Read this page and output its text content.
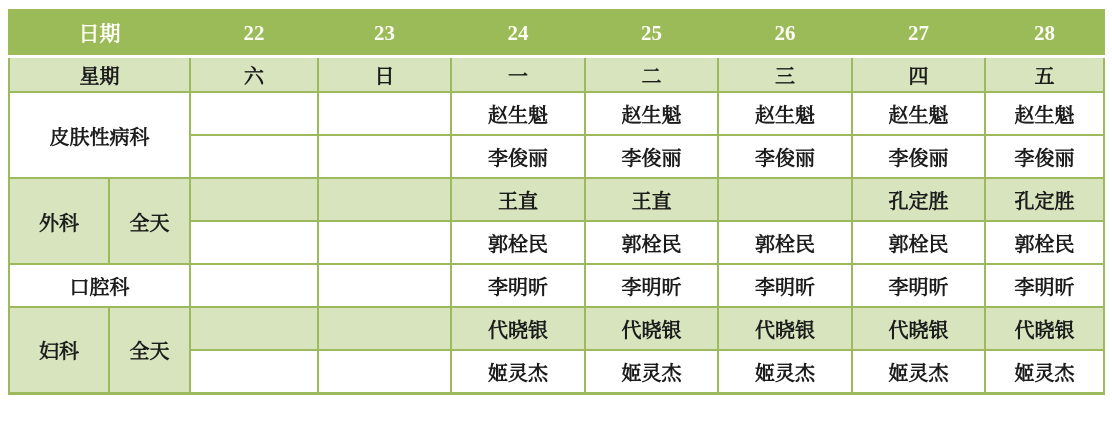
日期		22	23	24	25	26	27	28
星期		六	日	一	二	三	四	五
皮肤性病科				赵生魁	赵生魁	赵生魁	赵生魁	赵生魁
				李俊丽	李俊丽	李俊丽	李俊丽	李俊丽
外科	全天			王直	王直		孔定胜	孔定胜
				郭栓民	郭栓民	郭栓民	郭栓民	郭栓民
口腔科				李明昕	李明昕	李明昕	李明昕	李明昕
妇科	全天			代晓银	代晓银	代晓银	代晓银	代晓银
				姬灵杰	姬灵杰	姬灵杰	姬灵杰	姬灵杰
